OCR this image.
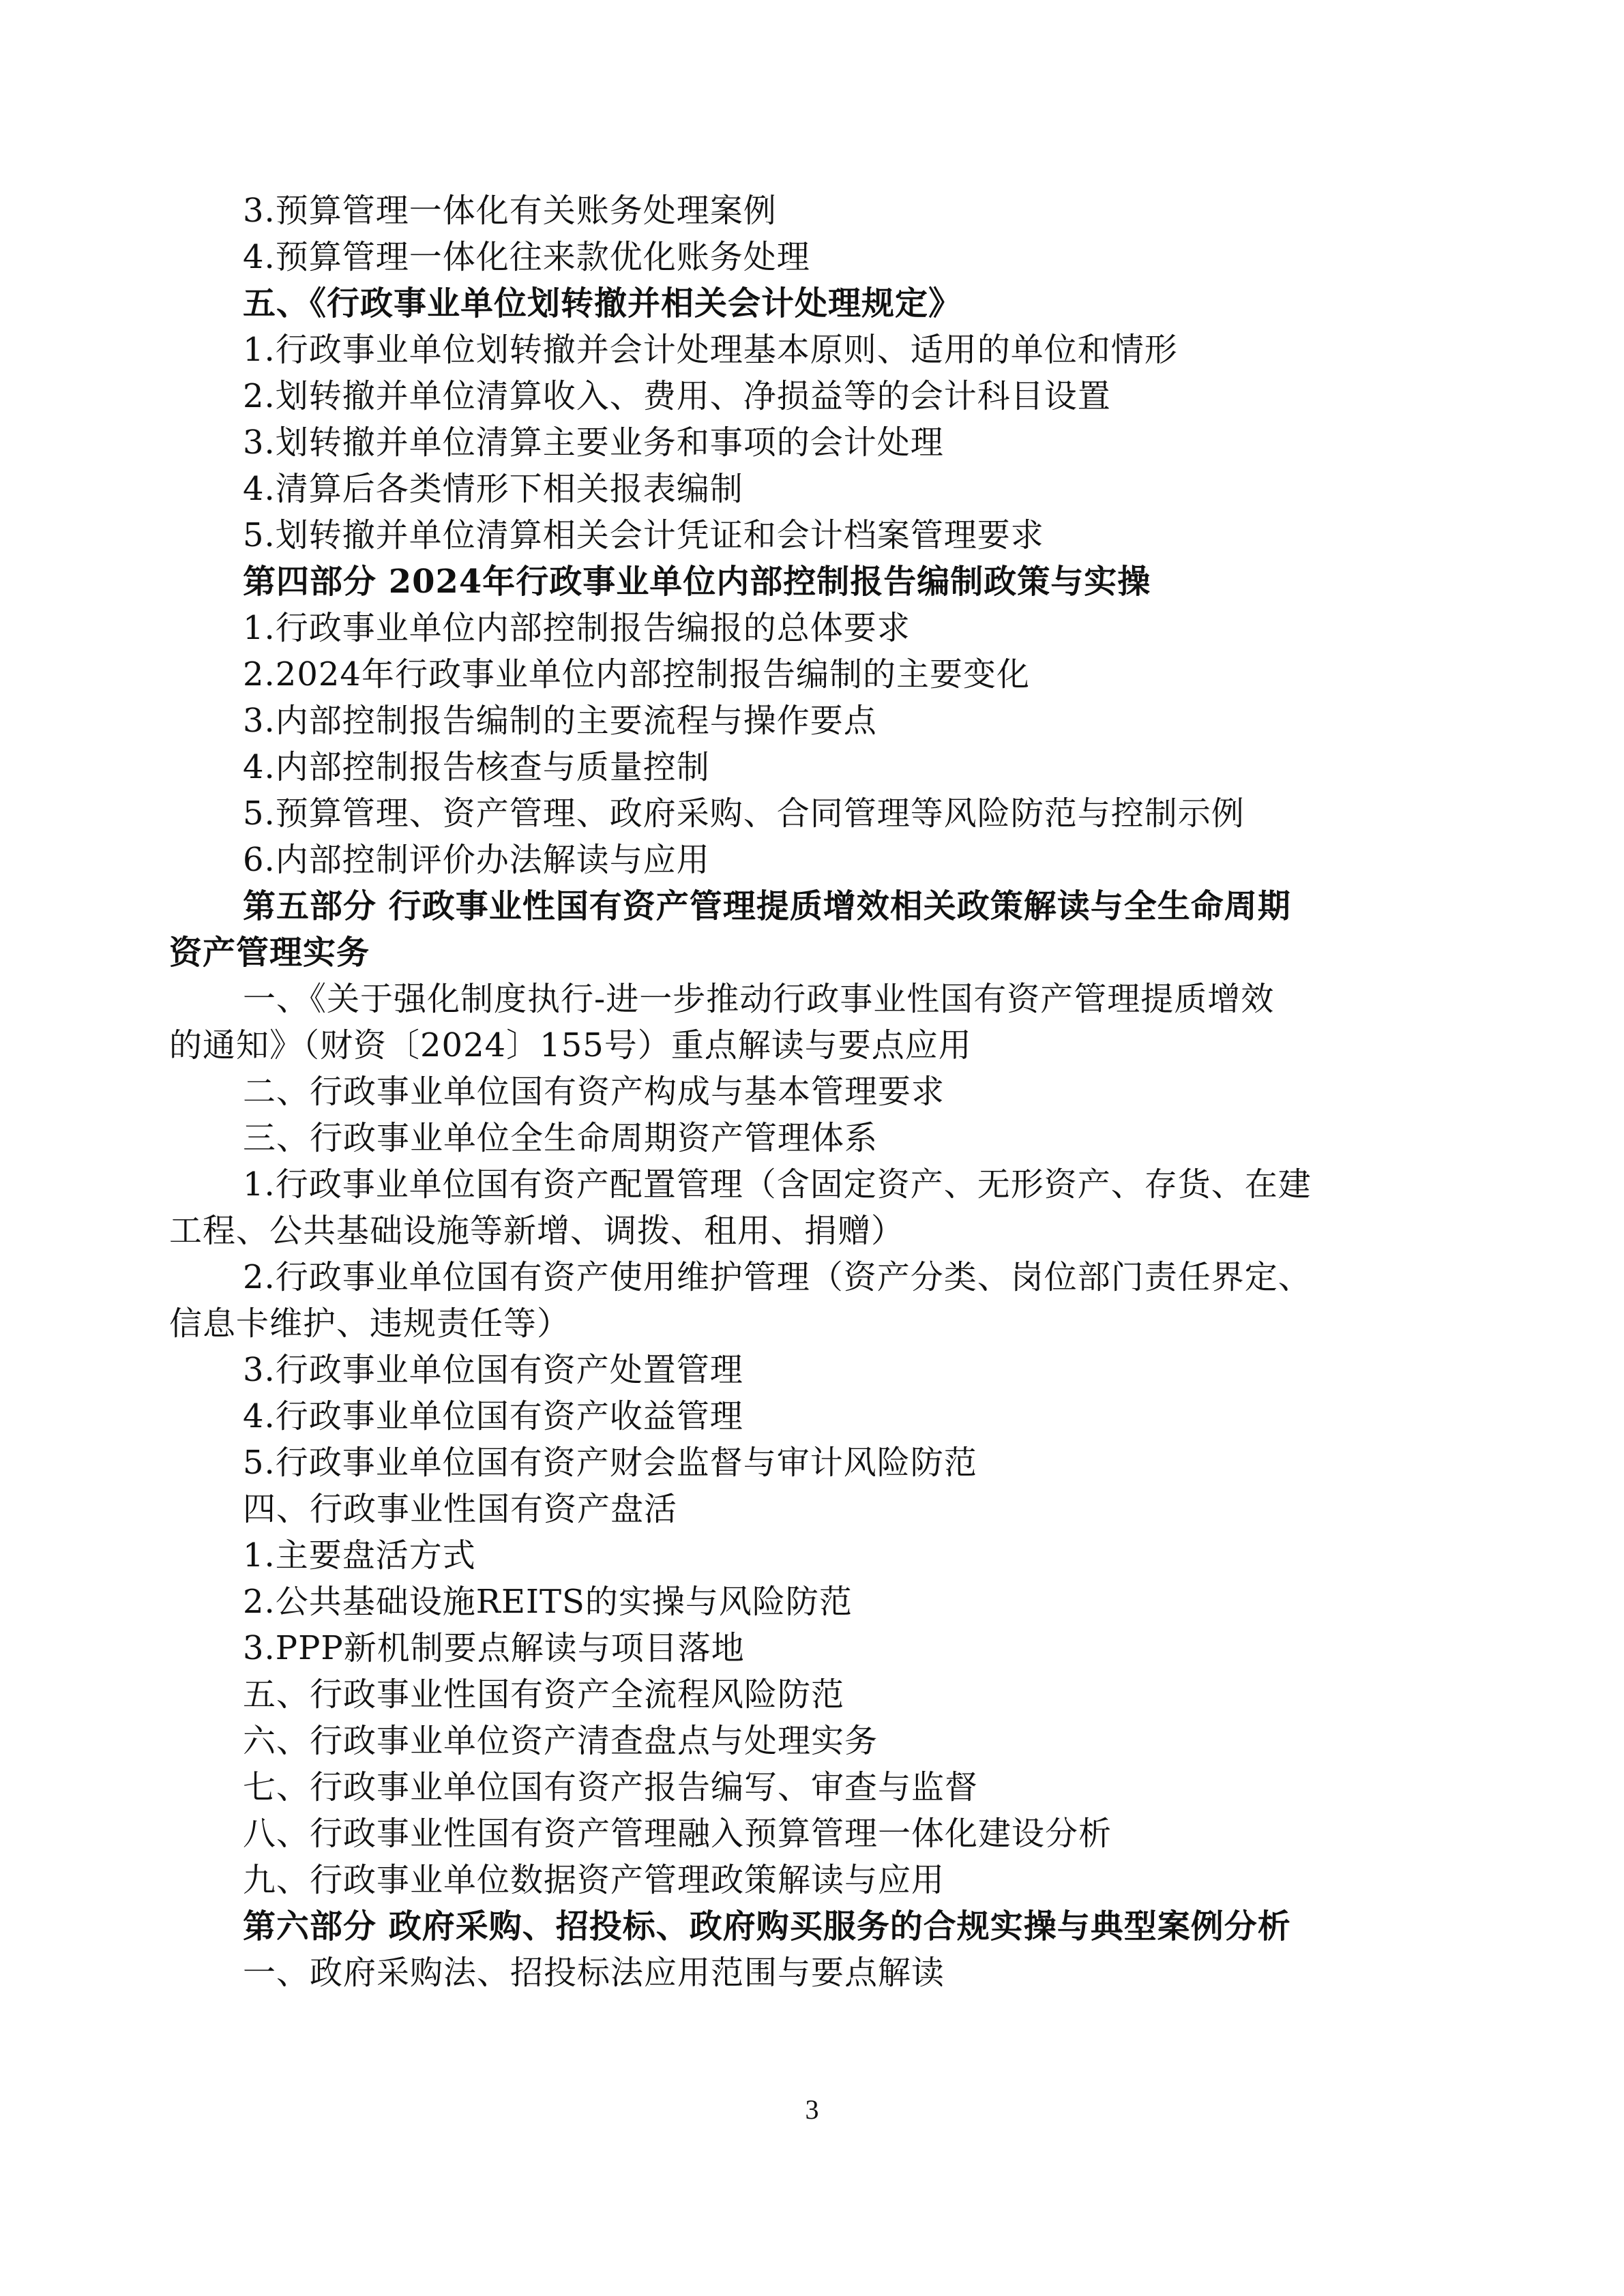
3.预算管理一体化有关账务处理案例
4.预算管理一体化往来款优化账务处理
五、《行政事业单位划转撤并相关会计处理规定》
1.行政事业单位划转撤并会计处理基本原则、适用的单位和情形
2.划转撤并单位清算收入、费用、净损益等的会计科目设置
3.划转撤并单位清算主要业务和事项的会计处理
4.清算后各类情形下相关报表编制
5.划转撤并单位清算相关会计凭证和会计档案管理要求
第四部分 2024年行政事业单位内部控制报告编制政策与实操
1.行政事业单位内部控制报告编报的总体要求
2.2024年行政事业单位内部控制报告编制的主要变化
3.内部控制报告编制的主要流程与操作要点
4.内部控制报告核查与质量控制
5.预算管理、资产管理、政府采购、合同管理等风险防范与控制示例
6.内部控制评价办法解读与应用
第五部分 行政事业性国有资产管理提质增效相关政策解读与全生命周期
资产管理实务
一、《关于强化制度执行-进一步推动行政事业性国有资产管理提质增效
的通知》（财资〔2024〕155号）重点解读与要点应用
二、行政事业单位国有资产构成与基本管理要求
三、行政事业单位全生命周期资产管理体系
1.行政事业单位国有资产配置管理（含固定资产、无形资产、存货、在建
工程、公共基础设施等新增、调拨、租用、捐赠）
2.行政事业单位国有资产使用维护管理（资产分类、岗位部门责任界定、
信息卡维护、违规责任等）
3.行政事业单位国有资产处置管理
4.行政事业单位国有资产收益管理
5.行政事业单位国有资产财会监督与审计风险防范
四、行政事业性国有资产盘活
1.主要盘活方式
2.公共基础设施REITS的实操与风险防范
3.PPP新机制要点解读与项目落地
五、行政事业性国有资产全流程风险防范
六、行政事业单位资产清查盘点与处理实务
七、行政事业单位国有资产报告编写、审查与监督
八、行政事业性国有资产管理融入预算管理一体化建设分析
九、行政事业单位数据资产管理政策解读与应用
第六部分 政府采购、招投标、政府购买服务的合规实操与典型案例分析
一、政府采购法、招投标法应用范围与要点解读
3
